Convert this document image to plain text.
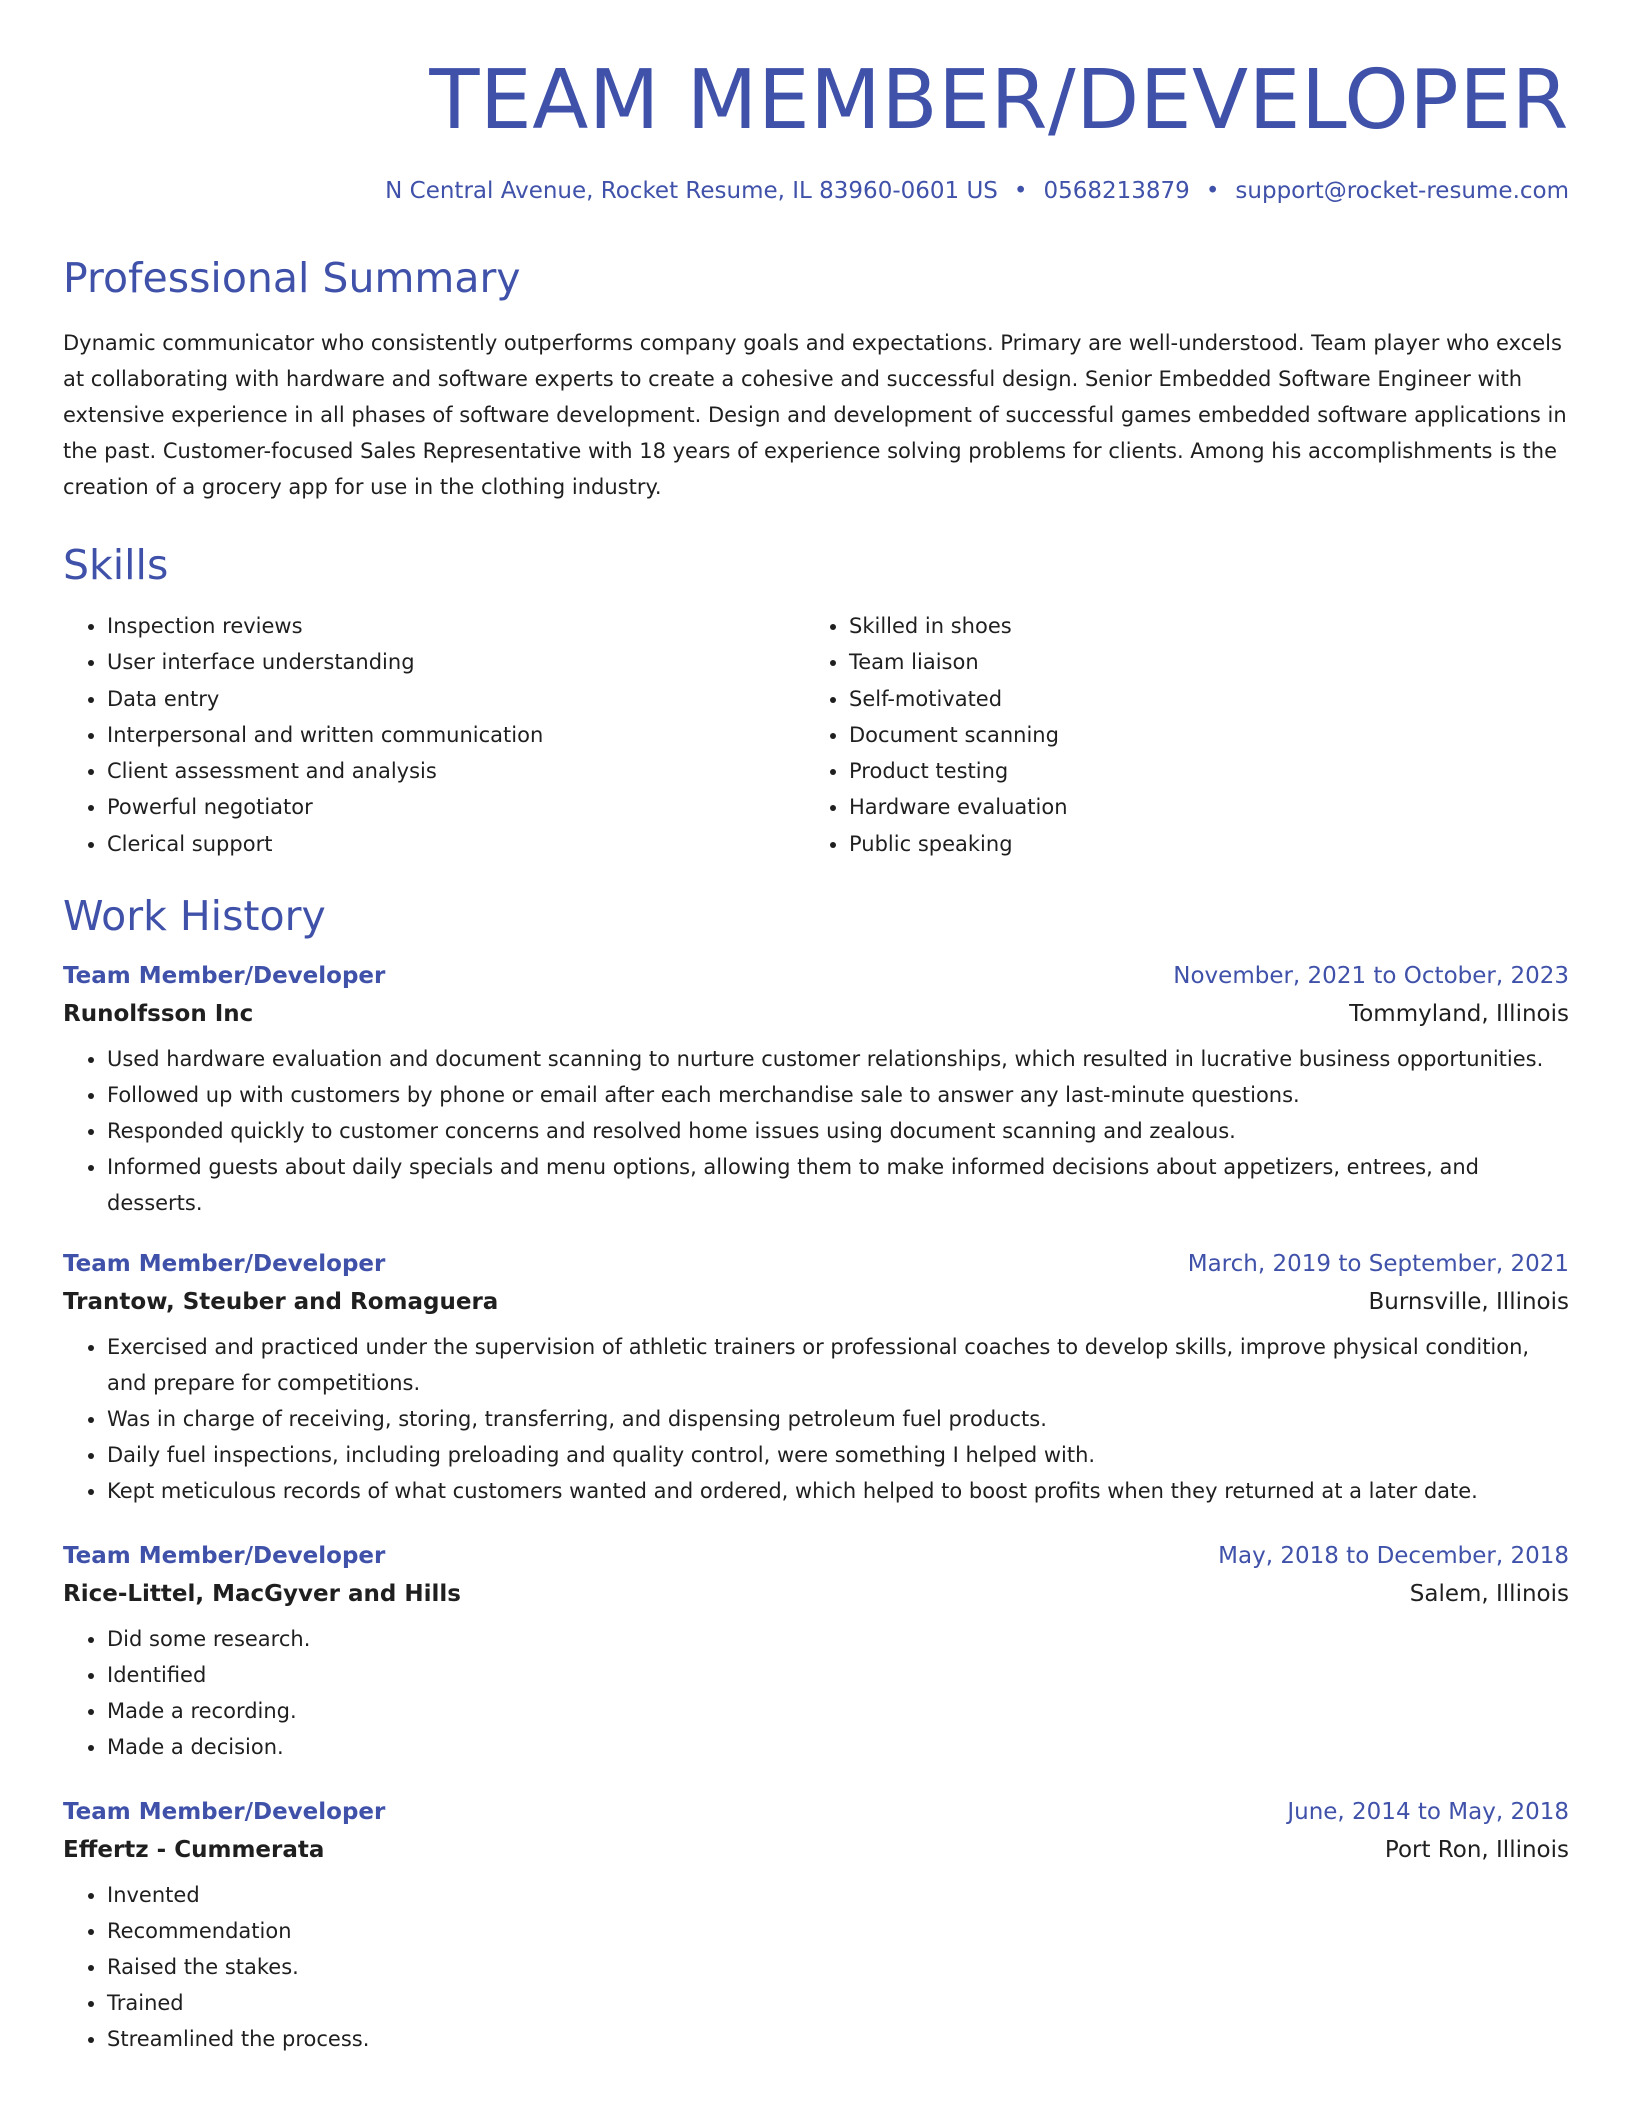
TEAM MEMBER/DEVELOPER
N Central Avenue, Rocket Resume, IL 83960-0601 US • 0568213879 • support@rocket-resume.com
Professional Summary

Dynamic communicator who consistently outperforms company goals and expectations. Primary are well-understood. Team player who excels at collaborating with hardware and software experts to create a cohesive and successful design. Senior Embedded Software Engineer with extensive experience in all phases of software development. Design and development of successful games embedded software applications in the past. Customer-focused Sales Representative with 18 years of experience solving problems for clients. Among his accomplishments is the creation of a grocery app for use in the clothing industry.

Skills
• Inspection reviews
• User interface understanding
• Data entry
• Interpersonal and written communication
• Client assessment and analysis
• Powerful negotiator
• Clerical support
• Skilled in shoes
• Team liaison
• Self-motivated
• Document scanning
• Product testing
• Hardware evaluation
• Public speaking
Work History
Team Member/Developer	November, 2021 to October, 2023
Runolfsson Inc	Tommyland, Illinois
• Used hardware evaluation and document scanning to nurture customer relationships, which resulted in lucrative business opportunities.
• Followed up with customers by phone or email after each merchandise sale to answer any last-minute questions.
• Responded quickly to customer concerns and resolved home issues using document scanning and zealous.
• Informed guests about daily specials and menu options, allowing them to make informed decisions about appetizers, entrees, and desserts.
Team Member/Developer	March, 2019 to September, 2021
Trantow, Steuber and Romaguera	Burnsville, Illinois
• Exercised and practiced under the supervision of athletic trainers or professional coaches to develop skills, improve physical condition, and prepare for competitions.
• Was in charge of receiving, storing, transferring, and dispensing petroleum fuel products.
• Daily fuel inspections, including preloading and quality control, were something I helped with.
• Kept meticulous records of what customers wanted and ordered, which helped to boost profits when they returned at a later date.
Team Member/Developer	May, 2018 to December, 2018
Rice-Littel, MacGyver and Hills	Salem, Illinois
• Did some research.
• Identified
• Made a recording.
• Made a decision.
Team Member/Developer	June, 2014 to May, 2018
Effertz - Cummerata	Port Ron, Illinois
• Invented
• Recommendation
• Raised the stakes.
• Trained
• Streamlined the process.
